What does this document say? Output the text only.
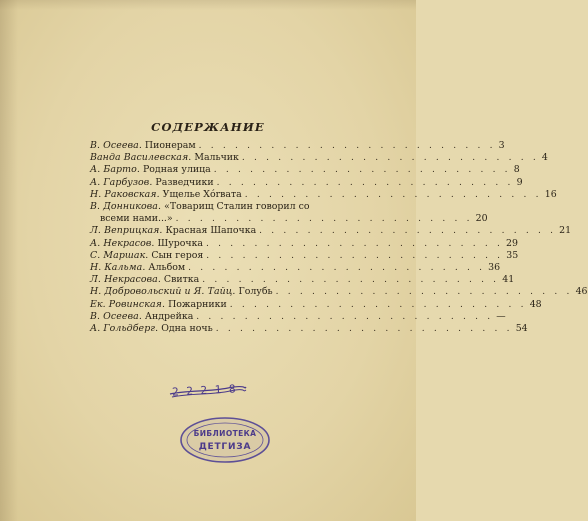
СОДЕРЖАНИЕ
В. Осеева. Пионерам . . . . . . . . . . . . . . . . . . . . . . . . . 3
Ванда Василевская. Мальчик . . . . . . . . . . . . . . . . . . . . . . . . . 4
А. Барто. Родная улица . . . . . . . . . . . . . . . . . . . . . . . . . 8
А. Гарбузов. Разведчики . . . . . . . . . . . . . . . . . . . . . . . . . 9
Н. Раковская. Ущелье Хórвата . . . . . . . . . . . . . . . . . . . . . . . . . 16
В. Донникова. «Товарищ Сталин говорил со
всеми нами...» . . . . . . . . . . . . . . . . . . . . . . . . . 20
Л. Веприцкая. Красная Шапочка . . . . . . . . . . . . . . . . . . . . . . . . . 21
А. Некрасов. Шурочка . . . . . . . . . . . . . . . . . . . . . . . . . 29
С. Маршак. Сын героя . . . . . . . . . . . . . . . . . . . . . . . . . 35
Н. Кальма. Альбом . . . . . . . . . . . . . . . . . . . . . . . . . 36
Л. Некрасова. Свитка . . . . . . . . . . . . . . . . . . . . . . . . . 41
Н. Добровольский и Я. Тайц. Голубь . . . . . . . . . . . . . . . . . . . . . . . . . 46
Ек. Ровинская. Пожарники . . . . . . . . . . . . . . . . . . . . . . . . . 48
В. Осеева. Андрейка . . . . . . . . . . . . . . . . . . . . . . . . . —
А. Гольдберг. Одна ночь . . . . . . . . . . . . . . . . . . . . . . . . . 54
2 2 2 1 8
БИБЛИОТЕКА
ДЕТГИЗА
